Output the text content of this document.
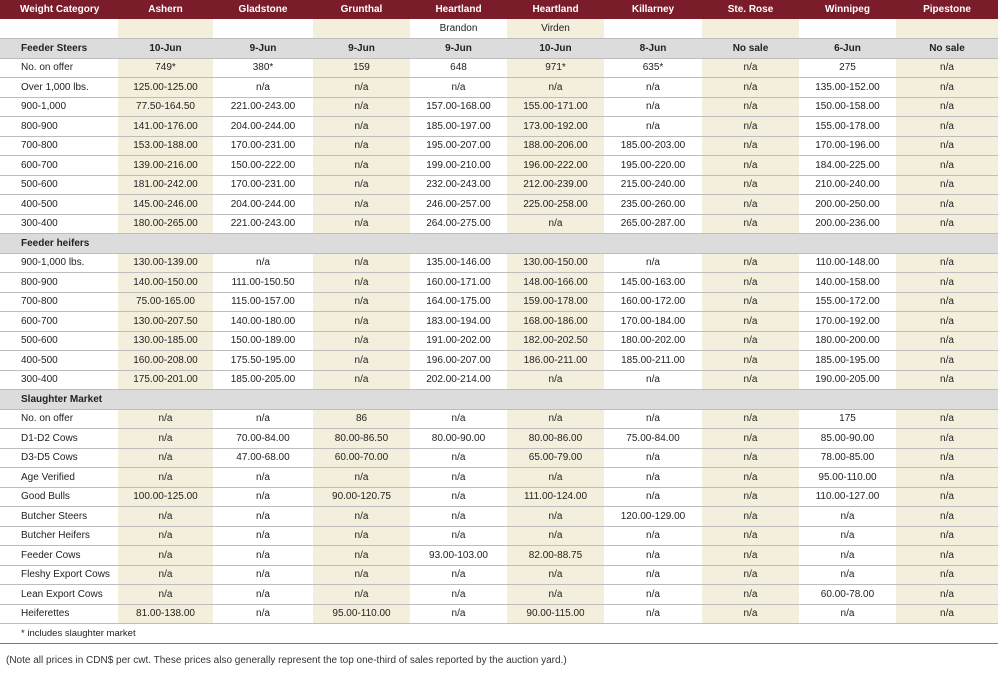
Weight Category	Ashern	Gladstone	Grunthal	Heartland	Heartland	Killarney	Ste. Rose	Winnipeg	Pipestone
				Brandon	Virden				
Feeder Steers	10-Jun	9-Jun	9-Jun	9-Jun	10-Jun	8-Jun	No sale	6-Jun	No sale
No. on offer	749*	380*	159	648	971*	635*	n/a	275	n/a
Over 1,000 lbs.	125.00-125.00	n/a	n/a	n/a	n/a	n/a	n/a	135.00-152.00	n/a
900-1,000	77.50-164.50	221.00-243.00	n/a	157.00-168.00	155.00-171.00	n/a	n/a	150.00-158.00	n/a
800-900	141.00-176.00	204.00-244.00	n/a	185.00-197.00	173.00-192.00	n/a	n/a	155.00-178.00	n/a
700-800	153.00-188.00	170.00-231.00	n/a	195.00-207.00	188.00-206.00	185.00-203.00	n/a	170.00-196.00	n/a
600-700	139.00-216.00	150.00-222.00	n/a	199.00-210.00	196.00-222.00	195.00-220.00	n/a	184.00-225.00	n/a
500-600	181.00-242.00	170.00-231.00	n/a	232.00-243.00	212.00-239.00	215.00-240.00	n/a	210.00-240.00	n/a
400-500	145.00-246.00	204.00-244.00	n/a	246.00-257.00	225.00-258.00	235.00-260.00	n/a	200.00-250.00	n/a
300-400	180.00-265.00	221.00-243.00	n/a	264.00-275.00	n/a	265.00-287.00	n/a	200.00-236.00	n/a
Feeder heifers									
900-1,000 lbs.	130.00-139.00	n/a	n/a	135.00-146.00	130.00-150.00	n/a	n/a	110.00-148.00	n/a
800-900	140.00-150.00	111.00-150.50	n/a	160.00-171.00	148.00-166.00	145.00-163.00	n/a	140.00-158.00	n/a
700-800	75.00-165.00	115.00-157.00	n/a	164.00-175.00	159.00-178.00	160.00-172.00	n/a	155.00-172.00	n/a
600-700	130.00-207.50	140.00-180.00	n/a	183.00-194.00	168.00-186.00	170.00-184.00	n/a	170.00-192.00	n/a
500-600	130.00-185.00	150.00-189.00	n/a	191.00-202.00	182.00-202.50	180.00-202.00	n/a	180.00-200.00	n/a
400-500	160.00-208.00	175.50-195.00	n/a	196.00-207.00	186.00-211.00	185.00-211.00	n/a	185.00-195.00	n/a
300-400	175.00-201.00	185.00-205.00	n/a	202.00-214.00	n/a	n/a	n/a	190.00-205.00	n/a
Slaughter Market									
No. on offer	n/a	n/a	86	n/a	n/a	n/a	n/a	175	n/a
D1-D2 Cows	n/a	70.00-84.00	80.00-86.50	80.00-90.00	80.00-86.00	75.00-84.00	n/a	85.00-90.00	n/a
D3-D5 Cows	n/a	47.00-68.00	60.00-70.00	n/a	65.00-79.00	n/a	n/a	78.00-85.00	n/a
Age Verified	n/a	n/a	n/a	n/a	n/a	n/a	n/a	95.00-110.00	n/a
Good Bulls	100.00-125.00	n/a	90.00-120.75	n/a	111.00-124.00	n/a	n/a	110.00-127.00	n/a
Butcher Steers	n/a	n/a	n/a	n/a	n/a	120.00-129.00	n/a	n/a	n/a
Butcher Heifers	n/a	n/a	n/a	n/a	n/a	n/a	n/a	n/a	n/a
Feeder Cows	n/a	n/a	n/a	93.00-103.00	82.00-88.75	n/a	n/a	n/a	n/a
Fleshy Export Cows	n/a	n/a	n/a	n/a	n/a	n/a	n/a	n/a	n/a
Lean Export Cows	n/a	n/a	n/a	n/a	n/a	n/a	n/a	60.00-78.00	n/a
Heiferettes	81.00-138.00	n/a	95.00-110.00	n/a	90.00-115.00	n/a	n/a	n/a	n/a
* includes slaughter market									
(Note all prices in CDN$ per cwt. These prices also generally represent the top one-third of sales reported by the auction yard.)
